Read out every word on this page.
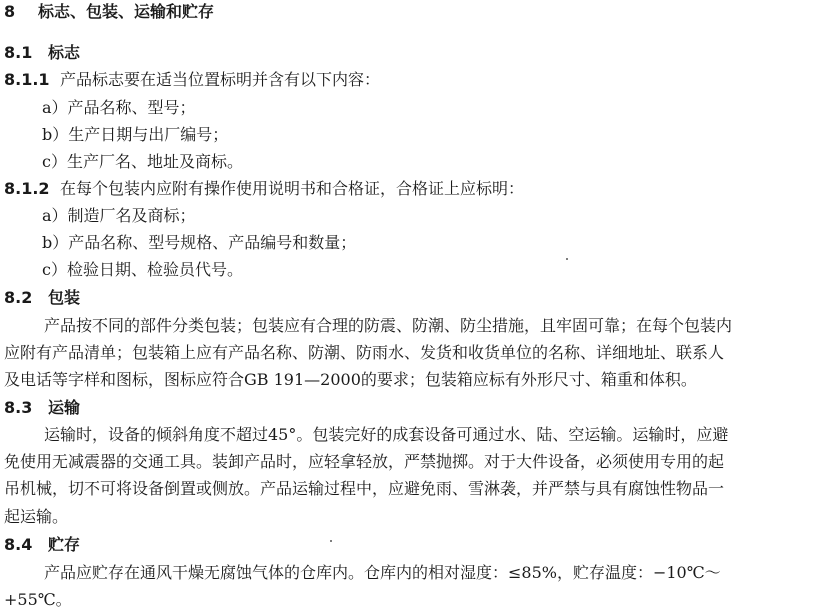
8 标志、包装、运输和贮存
8.1 标志
8.1.1 产品标志要在适当位置标明并含有以下内容：
a）产品名称、型号；
b）生产日期与出厂编号；
c）生产厂名、地址及商标。
8.1.2 在每个包装内应附有操作使用说明书和合格证，合格证上应标明：
a）制造厂名及商标；
b）产品名称、型号规格、产品编号和数量；
c）检验日期、检验员代号。
8.2 包装
产品按不同的部件分类包装；包装应有合理的防震、防潮、防尘措施，且牢固可靠；在每个包装内
应附有产品清单；包装箱上应有产品名称、防潮、防雨水、发货和收货单位的名称、详细地址、联系人
及电话等字样和图标，图标应符合GB 191—2000的要求；包装箱应标有外形尺寸、箱重和体积。
8.3 运输
运输时，设备的倾斜角度不超过45°。包装完好的成套设备可通过水、陆、空运输。运输时，应避
免使用无减震器的交通工具。装卸产品时，应轻拿轻放，严禁抛掷。对于大件设备，必须使用专用的起
吊机械，切不可将设备倒置或侧放。产品运输过程中，应避免雨、雪淋袭，并严禁与具有腐蚀性物品一
起运输。
8.4 贮存
产品应贮存在通风干燥无腐蚀气体的仓库内。仓库内的相对湿度：≤85%，贮存温度：−10℃～
+55℃。
